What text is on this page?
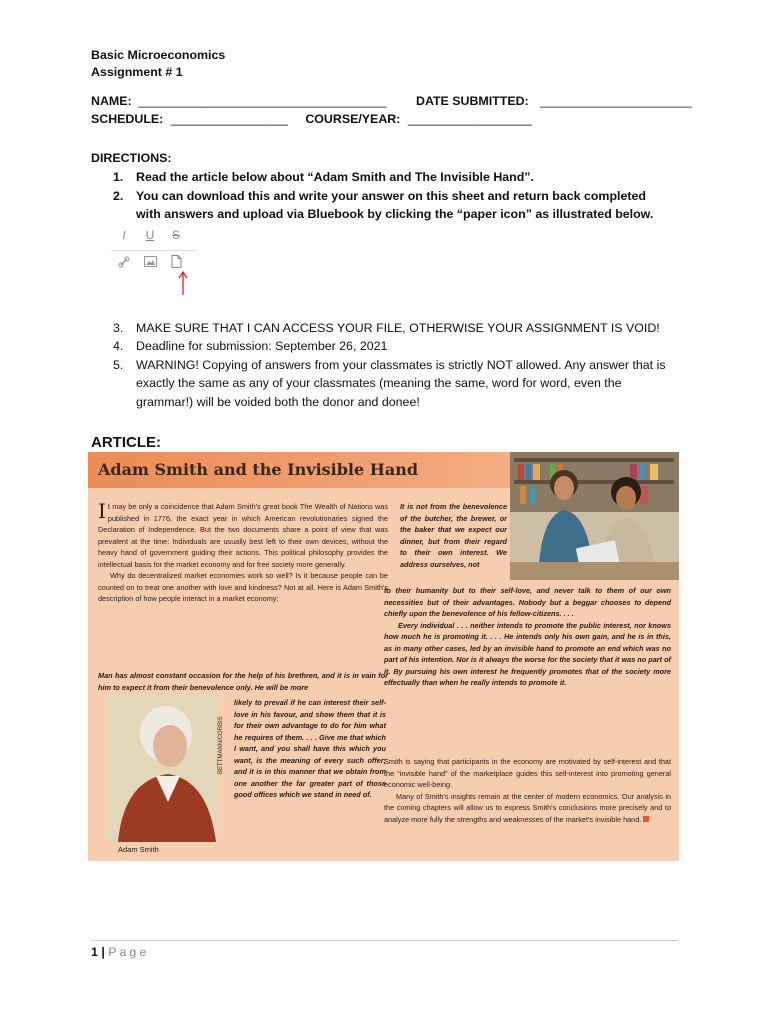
Basic Microeconomics
Assignment # 1
NAME: ____________________________________ DATE SUBMITTED: ______________________
SCHEDULE: _________________ COURSE/YEAR: __________________
DIRECTIONS:
1. Read the article below about “Adam Smith and The Invisible Hand”.
2. You can download this and write your answer on this sheet and return back completed with answers and upload via Bluebook by clicking the “paper icon” as illustrated below.
I	U	S
3. MAKE SURE THAT I CAN ACCESS YOUR FILE, OTHERWISE YOUR ASSIGNMENT IS VOID!
4. Deadline for submission: September 26, 2021
5. WARNING! Copying of answers from your classmates is strictly NOT allowed. Any answer that is exactly the same as any of your classmates (meaning the same, word for word, even the grammar!) will be voided both the donor and donee!
ARTICLE:
Adam Smith and the Invisible Hand

It may be only a coincidence that Adam Smith's great book The Wealth of Nations was published in 1776, the exact year in which American revolutionaries signed the Declaration of Independence. But the two documents share a point of view that was prevalent at the time: Individuals are usually best left to their own devices, without the heavy hand of government guiding their actions. This political philosophy provides the intellectual basis for the market economy and for free society more generally.

Why do decentralized market economies work so well? Is it because people can be counted on to treat one another with love and kindness? Not at all. Here is Adam Smith's description of how people interact in a market economy:

Man has almost constant occasion for the help of his brethren, and it is in vain for him to expect it from their benevolence only. He will be more

likely to prevail if he can interest their self-love in his favour, and show them that it is for their own advantage to do for him what he requires of them. . . . Give me that which I want, and you shall have this which you want, is the meaning of every such offer; and it is in this manner that we obtain from one another the far greater part of those good offices which we stand in need of.

Adam Smith
BETTMANN/CORBIS

It is not from the benevolence of the butcher, the brewer, or the baker that we expect our dinner, but from their regard to their own interest. We address ourselves, not

to their humanity but to their self-love, and never talk to them of our own necessities but of their advantages. Nobody but a beggar chooses to depend chiefly upon the benevolence of his fellow-citizens. . . .

Every individual . . . neither intends to promote the public interest, nor knows how much he is promoting it. . . . He intends only his own gain, and he is in this, as in many other cases, led by an invisible hand to promote an end which was no part of his intention. Nor is it always the worse for the society that it was no part of it. By pursuing his own interest he frequently promotes that of the society more effectually than when he really intends to promote it.

Smith is saying that participants in the economy are motivated by self-interest and that the “invisible hand” of the marketplace guides this self-interest into promoting general economic well-being.

Many of Smith's insights remain at the center of modern economics. Our analysis in the coming chapters will allow us to express Smith's conclusions more precisely and to analyze more fully the strengths and weaknesses of the market's invisible hand.

1 | Page
